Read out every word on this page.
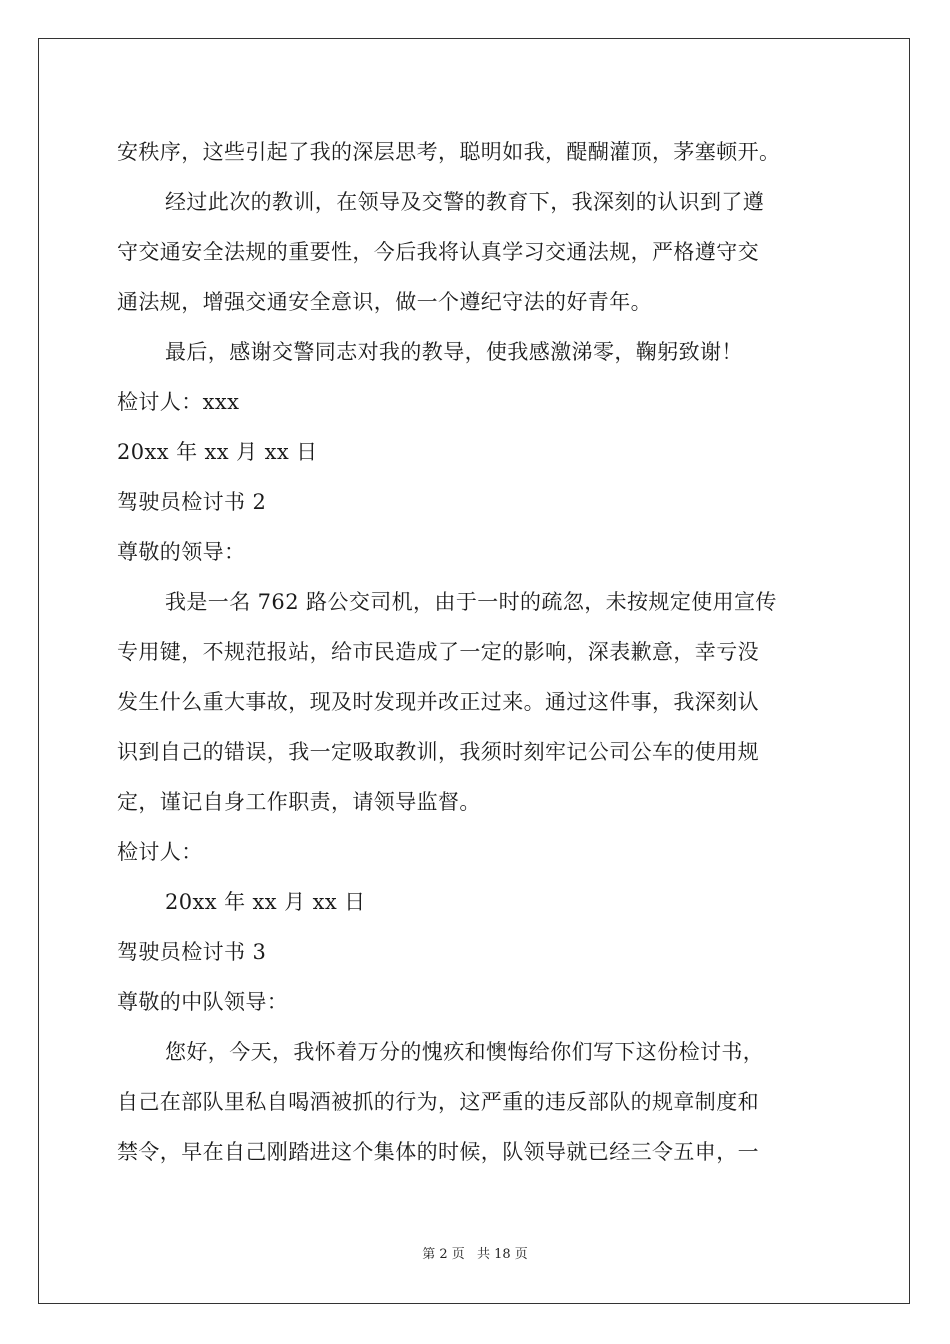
安秩序，这些引起了我的深层思考，聪明如我，醍醐灌顶，茅塞顿开。
经过此次的教训，在领导及交警的教育下，我深刻的认识到了遵
守交通安全法规的重要性，今后我将认真学习交通法规，严格遵守交
通法规，增强交通安全意识，做一个遵纪守法的好青年。
最后，感谢交警同志对我的教导，使我感激涕零，鞠躬致谢！
检讨人：xxx
20xx 年 xx 月 xx 日
驾驶员检讨书 2
尊敬的领导：
我是一名 762 路公交司机，由于一时的疏忽，未按规定使用宣传
专用键，不规范报站，给市民造成了一定的影响，深表歉意，幸亏没
发生什么重大事故，现及时发现并改正过来。通过这件事，我深刻认
识到自己的错误，我一定吸取教训，我须时刻牢记公司公车的使用规
定，谨记自身工作职责，请领导监督。
检讨人：
20xx 年 xx 月 xx 日
驾驶员检讨书 3
尊敬的中队领导：
您好，今天，我怀着万分的愧疚和懊悔给你们写下这份检讨书，
自己在部队里私自喝酒被抓的行为，这严重的违反部队的规章制度和
禁令，早在自己刚踏进这个集体的时候，队领导就已经三令五申，一
第 2 页 共 18 页
